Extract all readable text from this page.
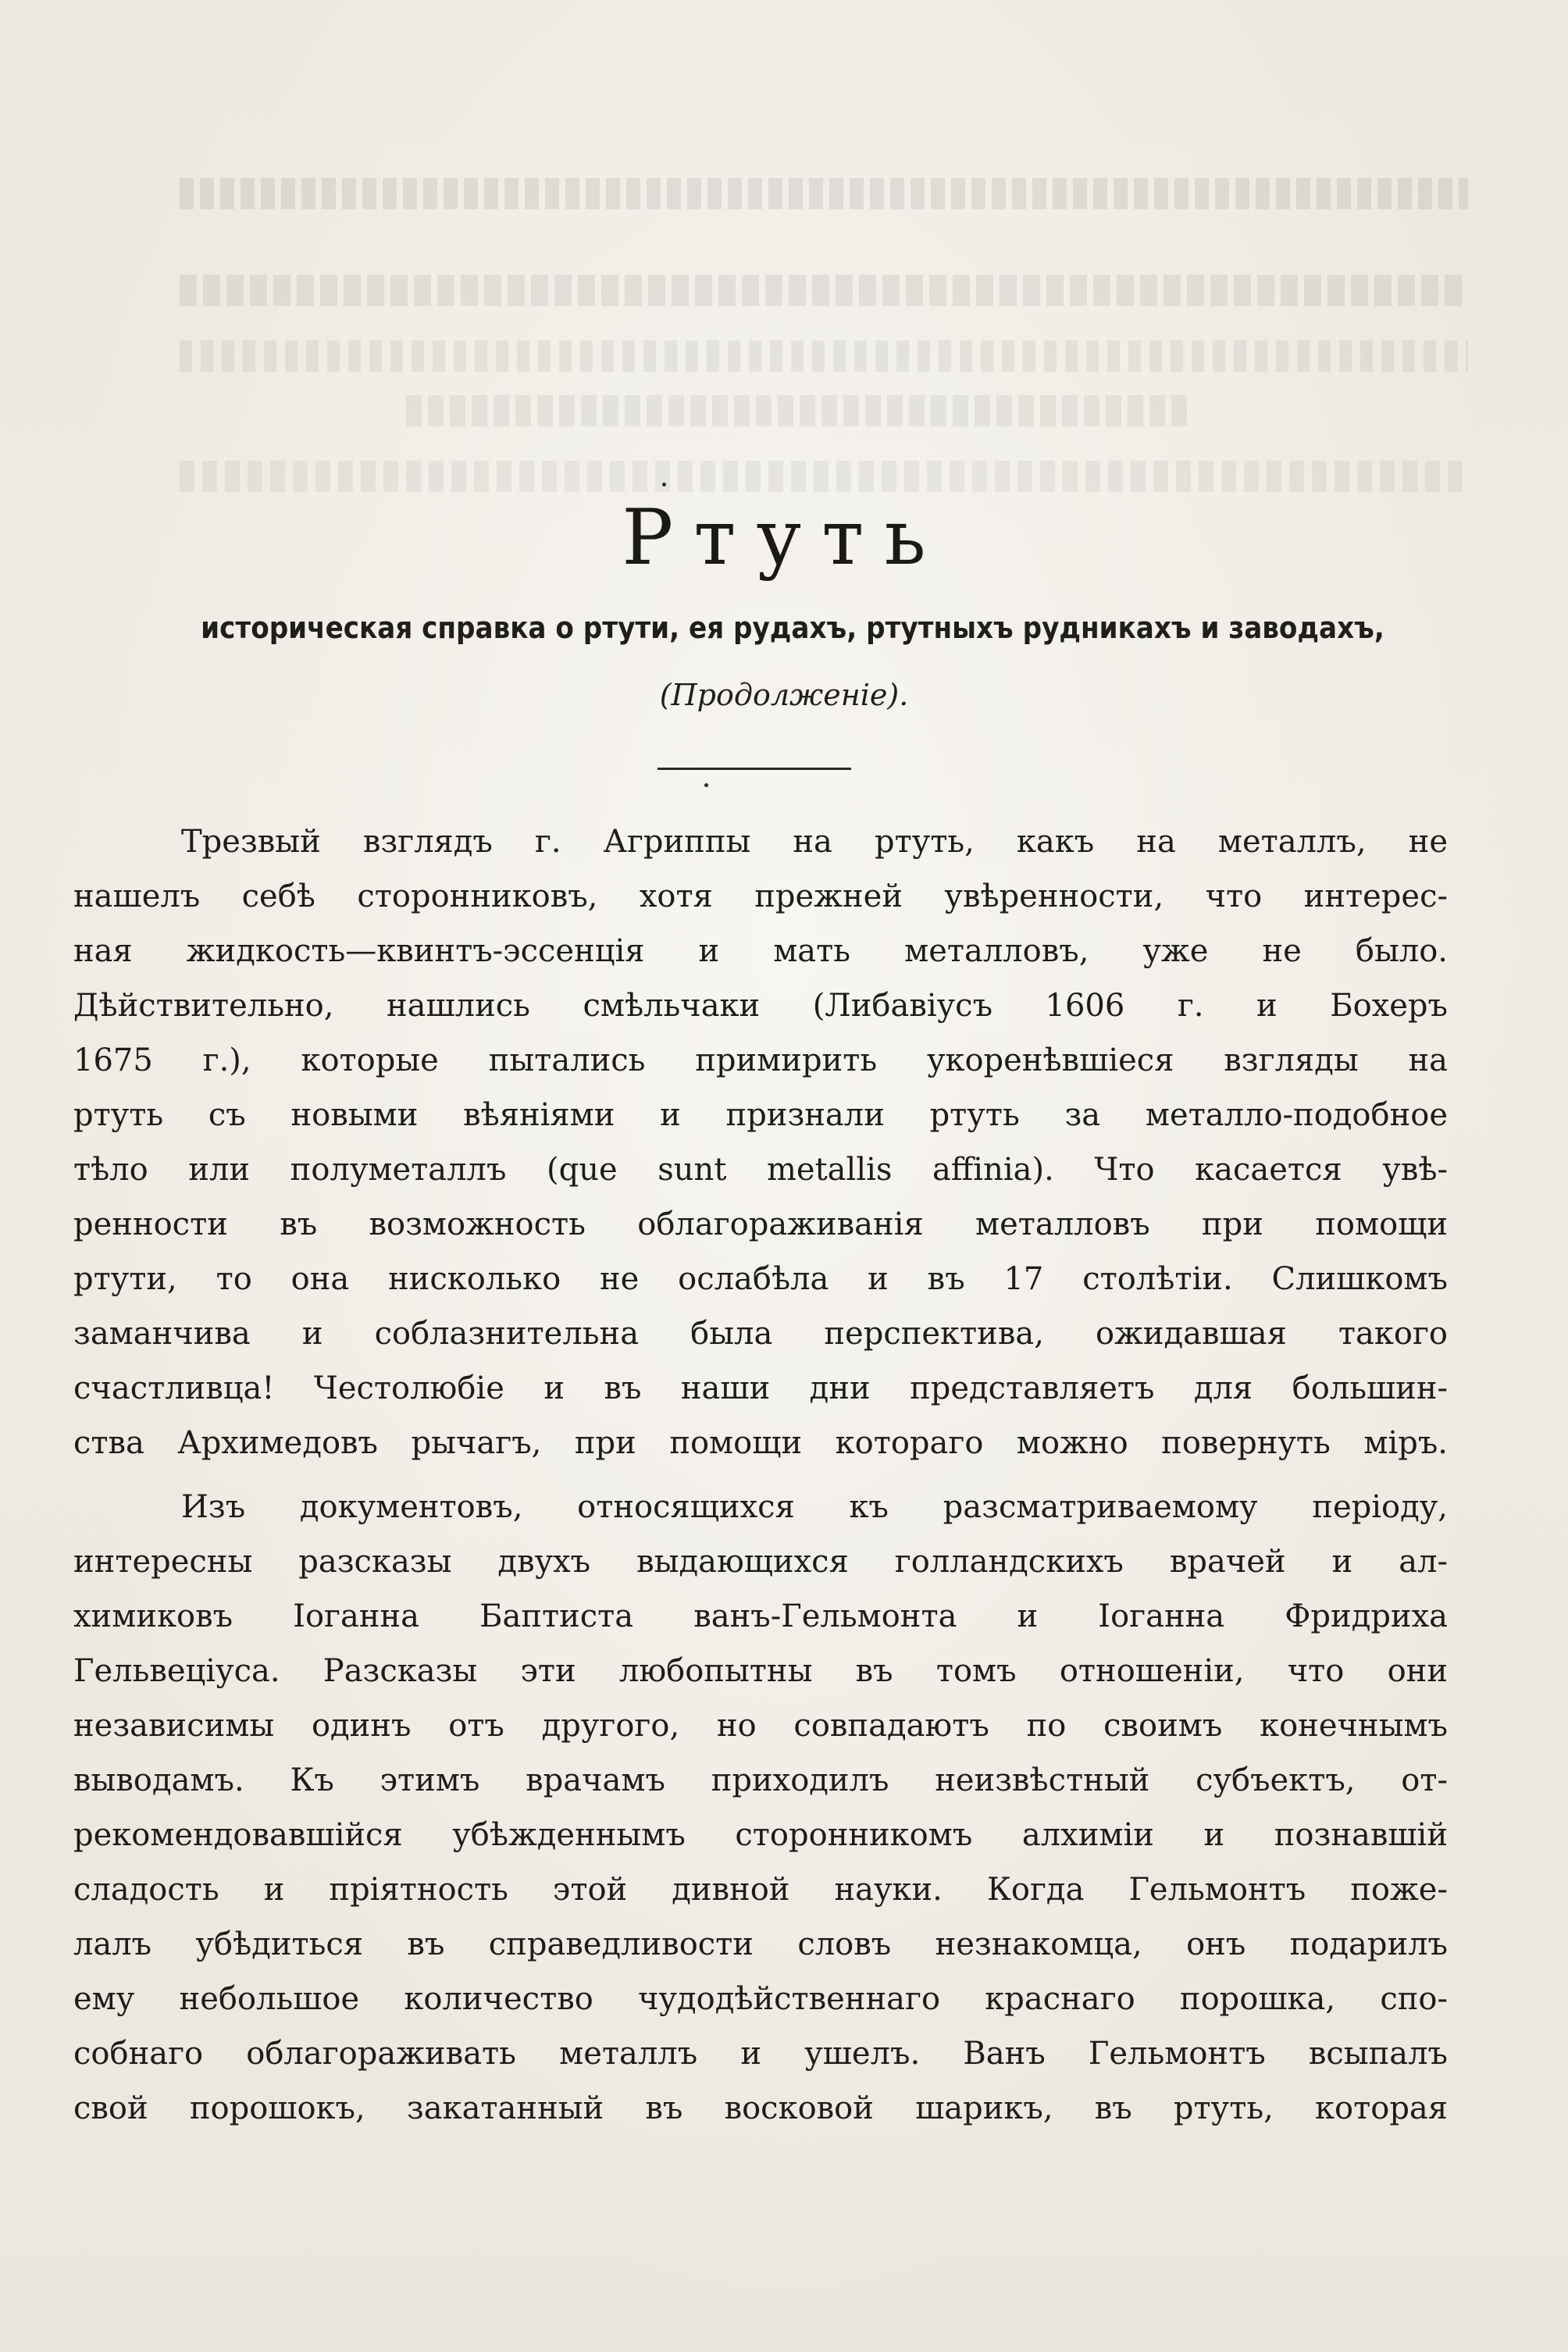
Ртуть
историческая справка о ртути, ея рудахъ, ртутныхъ рудникахъ и заводахъ,
(Продолженіе).
Трезвый взглядъ г. Агриппы на ртуть, какъ на металлъ, не
нашелъ себѣ сторонниковъ, хотя прежней увѣренности, что интерес-
ная жидкость—квинтъ-эссенція и мать металловъ, уже не было.
Дѣйствительно, нашлись смѣльчаки (Либавіусъ 1606 г. и Бохеръ
1675 г.), которые пытались примирить укоренѣвшіеся взгляды на
ртуть съ новыми вѣяніями и признали ртуть за металло-подобное
тѣло или полуметаллъ (que sunt metallis affinia). Что касается увѣ-
ренности въ возможность облагораживанія металловъ при помощи
ртути, то она нисколько не ослабѣла и въ 17 столѣтіи. Слишкомъ
заманчива и соблазнительна была перспектива, ожидавшая такого
счастливца! Честолюбіе и въ наши дни представляетъ для большин-
ства Архимедовъ рычагъ, при помощи котораго можно повернуть міръ.
Изъ документовъ, относящихся къ разсматриваемому періоду,
интересны разсказы двухъ выдающихся голландскихъ врачей и ал-
химиковъ Іоганна Баптиста ванъ-Гельмонта и Іоганна Фридриха
Гельвеціуса. Разсказы эти любопытны въ томъ отношеніи, что они
независимы одинъ отъ другого, но совпадаютъ по своимъ конечнымъ
выводамъ. Къ этимъ врачамъ приходилъ неизвѣстный субъектъ, от-
рекомендовавшійся убѣжденнымъ сторонникомъ алхиміи и познавшій
сладость и пріятность этой дивной науки. Когда Гельмонтъ поже-
лалъ убѣдиться въ справедливости словъ незнакомца, онъ подарилъ
ему небольшое количество чудодѣйственнаго краснаго порошка, спо-
собнаго облагораживать металлъ и ушелъ. Ванъ Гельмонтъ всыпалъ
свой порошокъ, закатанный въ восковой шарикъ, въ ртуть, которая
